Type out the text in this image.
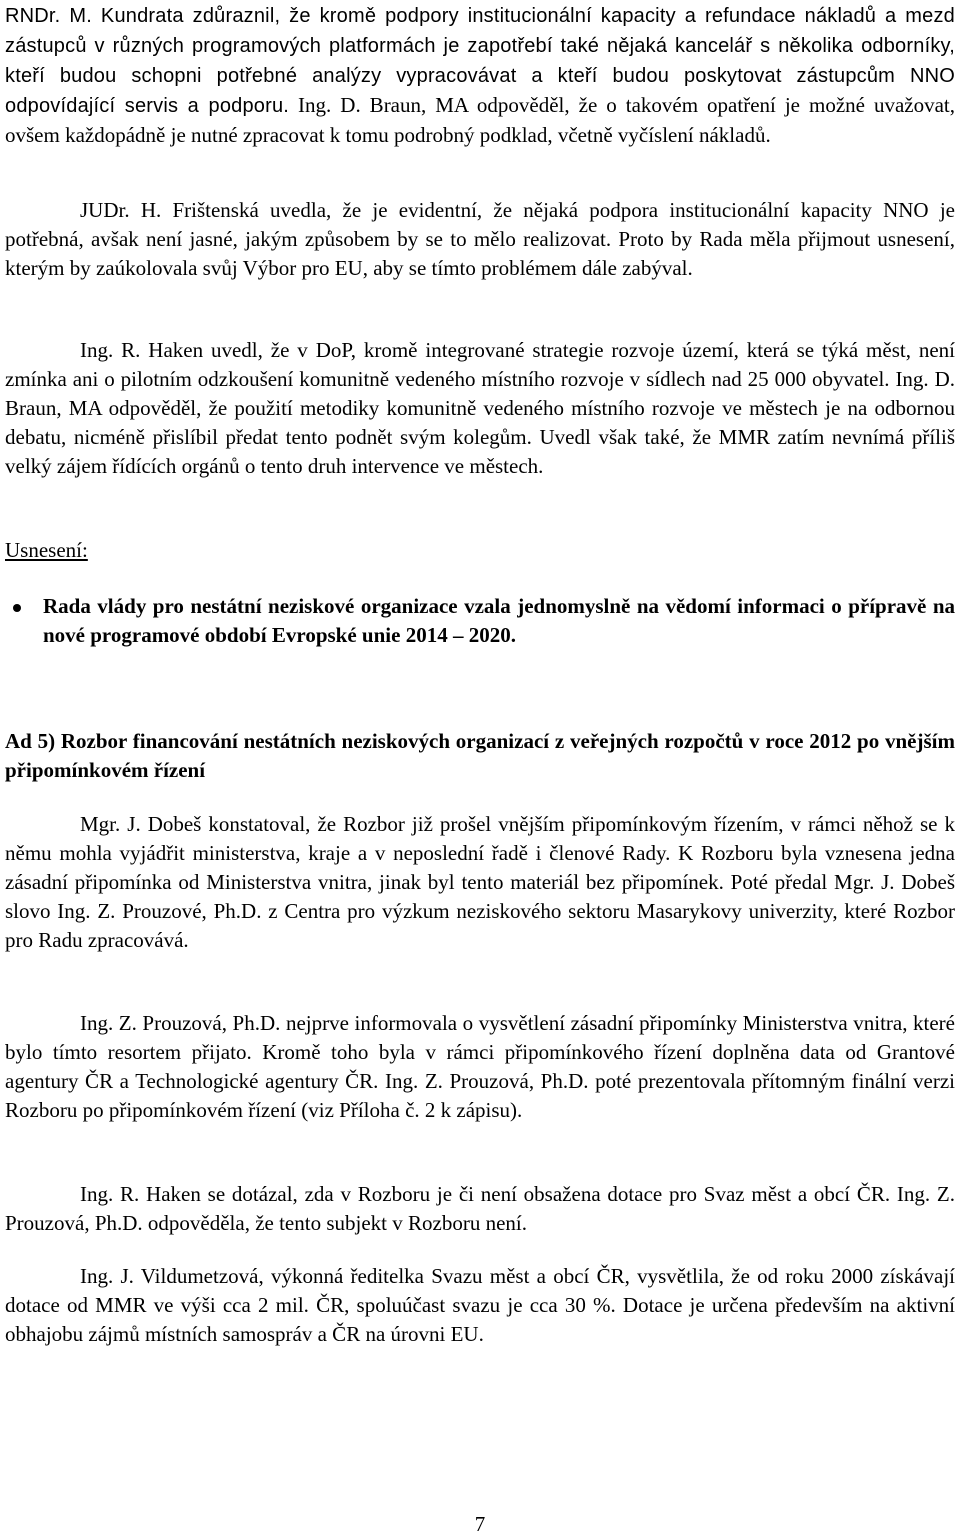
RNDr. M. Kundrata zdůraznil, že kromě podpory institucionální kapacity a refundace nákladů a mezd zástupců v různých programových platformách je zapotřebí také nějaká kancelář s několika odborníky, kteří budou schopni potřebné analýzy vypracovávat a kteří budou poskytovat zástupcům NNO odpovídající servis a podporu. Ing. D. Braun, MA odpověděl, že o takovém opatření je možné uvažovat, ovšem každopádně je nutné zpracovat k tomu podrobný podklad, včetně vyčíslení nákladů.

JUDr. H. Frištenská uvedla, že je evidentní, že nějaká podpora institucionální kapacity NNO je potřebná, avšak není jasné, jakým způsobem by se to mělo realizovat. Proto by Rada měla přijmout usnesení, kterým by zaúkolovala svůj Výbor pro EU, aby se tímto problémem dále zabýval.

Ing. R. Haken uvedl, že v DoP, kromě integrované strategie rozvoje území, která se týká měst, není zmínka ani o pilotním odzkoušení komunitně vedeného místního rozvoje v sídlech nad 25 000 obyvatel. Ing. D. Braun, MA odpověděl, že použití metodiky komunitně vedeného místního rozvoje ve městech je na odbornou debatu, nicméně přislíbil předat tento podnět svým kolegům. Uvedl však také, že MMR zatím nevnímá příliš velký zájem řídících orgánů o tento druh intervence ve městech.

Usnesení:

Rada vlády pro nestátní neziskové organizace vzala jednomyslně na vědomí informaci o přípravě na nové programové období Evropské unie 2014 – 2020.

Ad 5) Rozbor financování nestátních neziskových organizací z veřejných rozpočtů v roce 2012 po vnějším připomínkovém řízení

Mgr. J. Dobeš konstatoval, že Rozbor již prošel vnějším připomínkovým řízením, v rámci něhož se k němu mohla vyjádřit ministerstva, kraje a v neposlední řadě i členové Rady. K Rozboru byla vznesena jedna zásadní připomínka od Ministerstva vnitra, jinak byl tento materiál bez připomínek. Poté předal Mgr. J. Dobeš slovo Ing. Z. Prouzové, Ph.D. z Centra pro výzkum neziskového sektoru Masarykovy univerzity, které Rozbor pro Radu zpracovává.

Ing. Z. Prouzová, Ph.D. nejprve informovala o vysvětlení zásadní připomínky Ministerstva vnitra, které bylo tímto resortem přijato. Kromě toho byla v rámci připomínkového řízení doplněna data od Grantové agentury ČR a Technologické agentury ČR. Ing. Z. Prouzová, Ph.D. poté prezentovala přítomným finální verzi Rozboru po připomínkovém řízení (viz Příloha č. 2 k zápisu).

Ing. R. Haken se dotázal, zda v Rozboru je či není obsažena dotace pro Svaz měst a obcí ČR. Ing. Z. Prouzová, Ph.D. odpověděla, že tento subjekt v Rozboru není.

Ing. J. Vildumetzová, výkonná ředitelka Svazu měst a obcí ČR, vysvětlila, že od roku 2000 získávají dotace od MMR ve výši cca 2 mil. ČR, spoluúčast svazu je cca 30 %. Dotace je určena především na aktivní obhajobu zájmů místních samospráv a ČR na úrovni EU.

7
